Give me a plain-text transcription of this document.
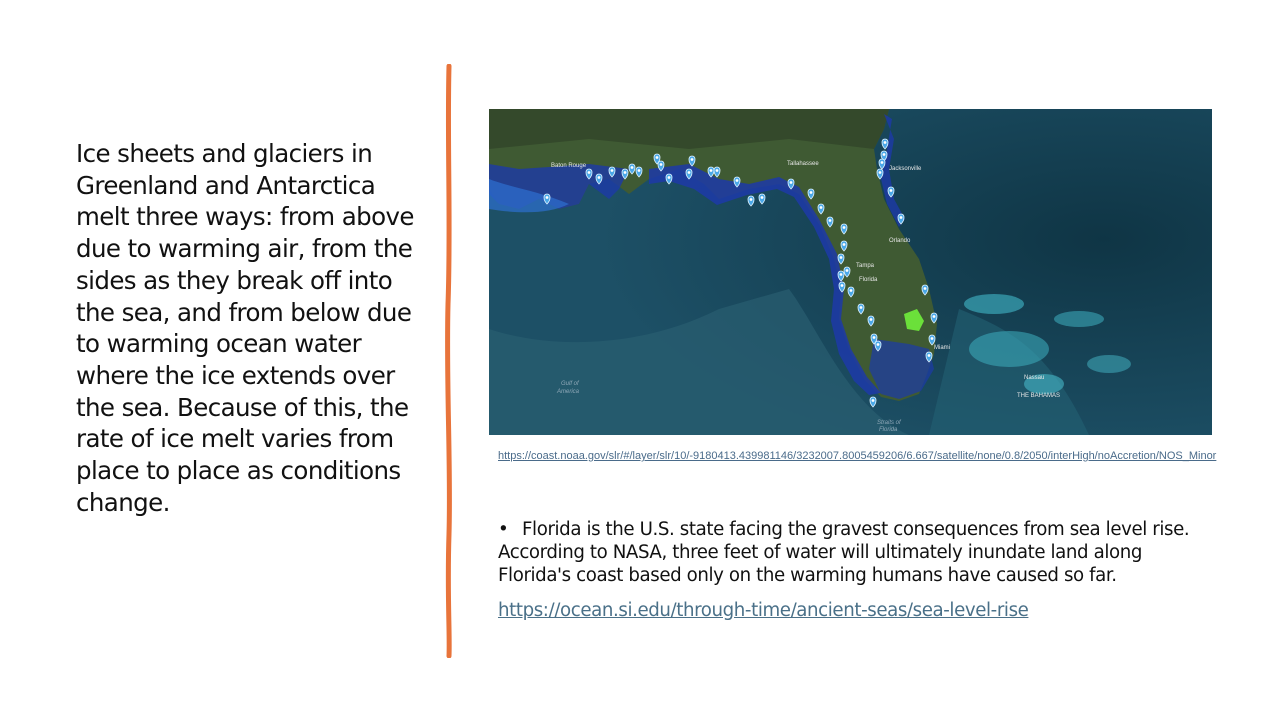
Ice sheets and glaciers in Greenland and Antarctica melt three ways: from above due to warming air, from the sides as they break off into the sea, and from below due to warming ocean water where the ice extends over the sea. Because of this, the rate of ice melt varies from place to place as conditions change.
Baton Rouge	Tallahassee
Jacksonville
Orlando
Tampa
Florida
Miami
Nassau
THE BAHAMAS
Gulf of
America
Straits of
Florida
https://coast.noaa.gov/slr/#/layer/slr/10/-9180413.439981146/3232007.8005459206/6.667/satellite/none/0.8/2050/interHigh/noAccretion/NOS_Minor
• Florida is the U.S. state facing the gravest consequences from sea level rise. According to NASA, three feet of water will ultimately inundate land along Florida's coast based only on the warming humans have caused so far.
https://ocean.si.edu/through-time/ancient-seas/sea-level-rise
